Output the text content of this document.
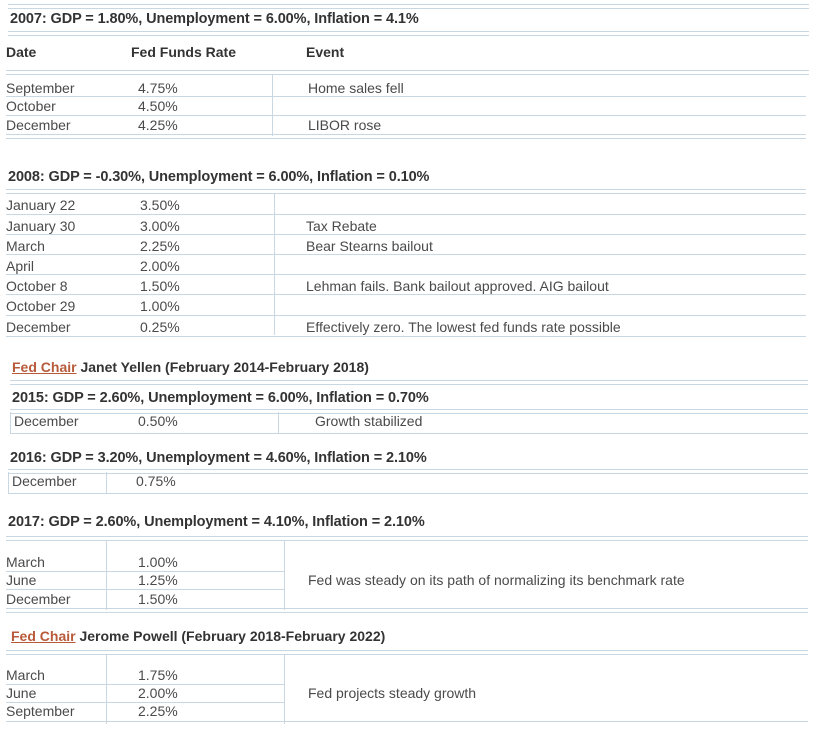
2007: GDP = 1.80%, Unemployment = 6.00%, Inflation = 4.1%
Date	Fed Funds Rate	Event
September	4.75%	Home sales fell
October	4.50%
December	4.25%	LIBOR rose
2008: GDP = -0.30%, Unemployment = 6.00%, Inflation = 0.10%
January 22	3.50%
January 30	3.00%	Tax Rebate
March	2.25%	Bear Stearns bailout
April	2.00%
October 8	1.50%	Lehman fails. Bank bailout approved. AIG bailout
October 29	1.00%
December	0.25%	Effectively zero. The lowest fed funds rate possible
Fed Chair Janet Yellen (February 2014-February 2018)
2015: GDP = 2.60%, Unemployment = 6.00%, Inflation = 0.70%
December	0.50%	Growth stabilized
2016: GDP = 3.20%, Unemployment = 4.60%, Inflation = 2.10%
December	0.75%
2017: GDP = 2.60%, Unemployment = 4.10%, Inflation = 2.10%
March	1.00%
June	1.25%	Fed was steady on its path of normalizing its benchmark rate
December	1.50%
Fed Chair Jerome Powell (February 2018-February 2022)
March	1.75%
June	2.00%	Fed projects steady growth
September	2.25%
